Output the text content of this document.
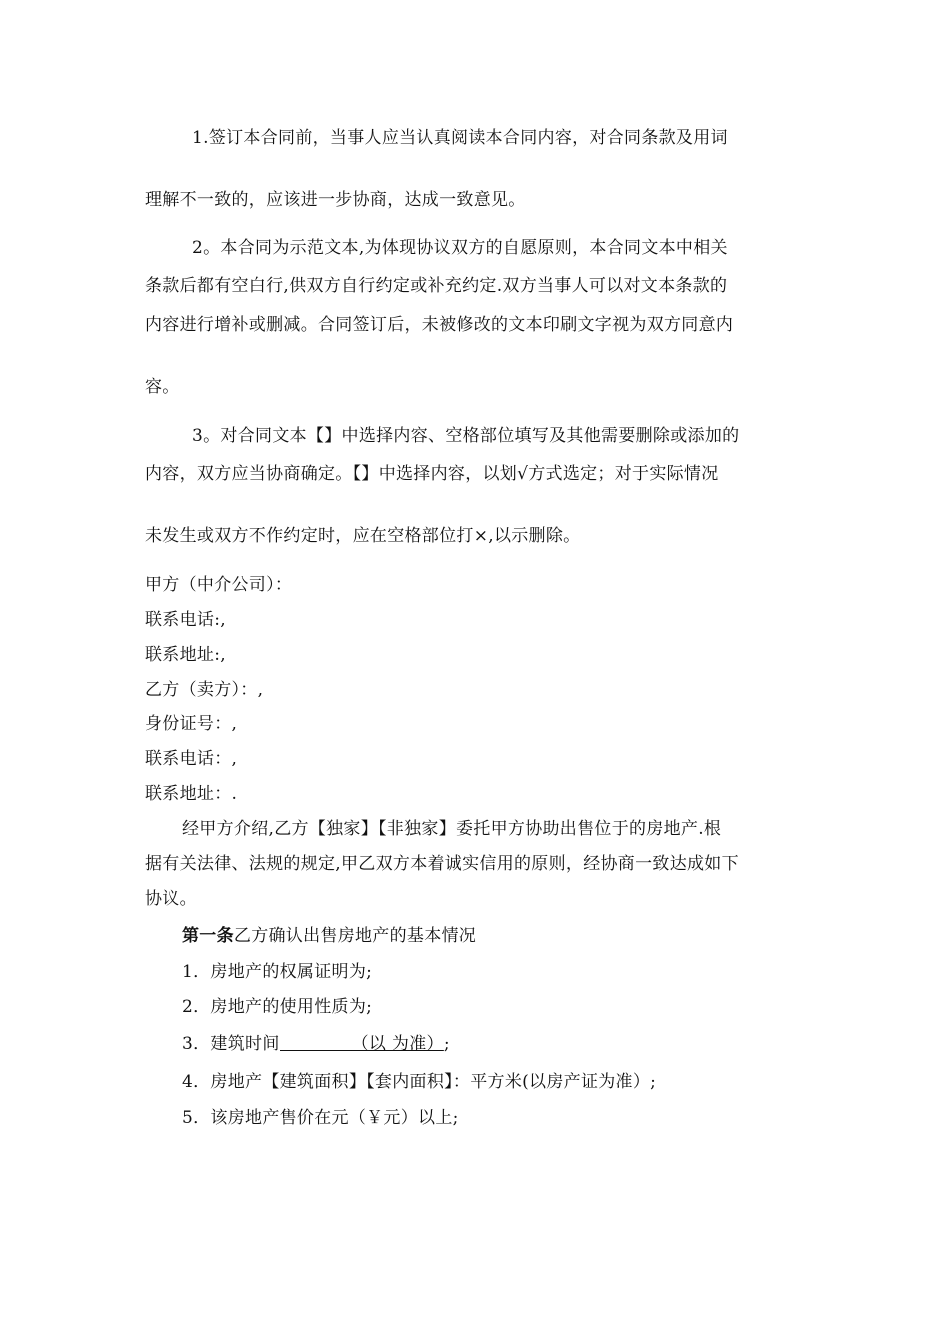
1.签订本合同前，当事人应当认真阅读本合同内容，对合同条款及用词
理解不一致的，应该进一步协商，达成一致意见。
2。本合同为示范文本,为体现协议双方的自愿原则，本合同文本中相关
条款后都有空白行,供双方自行约定或补充约定.双方当事人可以对文本条款的
内容进行增补或删减。合同签订后，未被修改的文本印刷文字视为双方同意内
容。
3。对合同文本【】中选择内容、空格部位填写及其他需要删除或添加的
内容，双方应当协商确定。【】中选择内容，以划√方式选定；对于实际情况
未发生或双方不作约定时，应在空格部位打×,以示删除。
甲方（中介公司）：
联系电话:,
联系地址:,
乙方（卖方）：,
身份证号：,
联系电话：,
联系地址：.
经甲方介绍,乙方【独家】【非独家】委托甲方协助出售位于的房地产.根
据有关法律、法规的规定,甲乙双方本着诚实信用的原则，经协商一致达成如下
协议。
第一条乙方确认出售房地产的基本情况
1．房地产的权属证明为;
2．房地产的使用性质为;
3．建筑时间	（以 为准）;
4．房地产【建筑面积】【套内面积】：平方米(以房产证为准）;
5．该房地产售价在元（￥元）以上;
